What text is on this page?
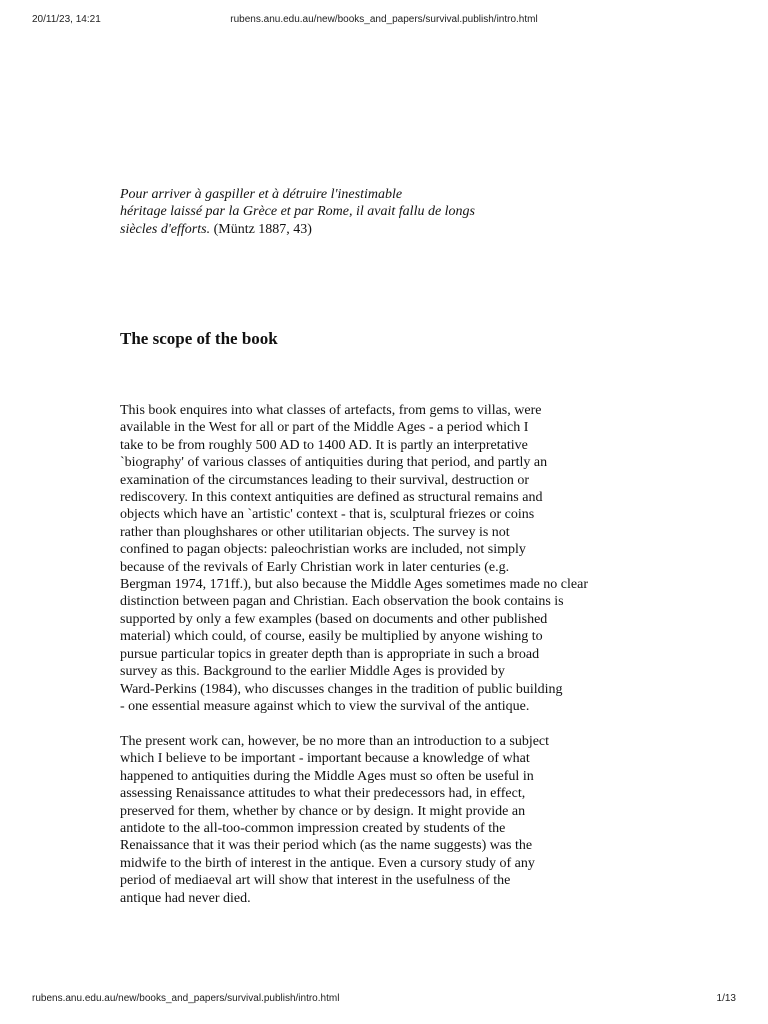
20/11/23, 14:21	rubens.anu.edu.au/new/books_and_papers/survival.publish/intro.html

Pour arriver à gaspiller et à détruire l'inestimable
héritage laissé par la Grèce et par Rome, il avait fallu de longs
siècles d'efforts. (Müntz 1887, 43)

The scope of the book

This book enquires into what classes of artefacts, from gems to villas, were
available in the West for all or part of the Middle Ages - a period which I
take to be from roughly 500 AD to 1400 AD. It is partly an interpretative
`biography' of various classes of antiquities during that period, and partly an
examination of the circumstances leading to their survival, destruction or
rediscovery. In this context antiquities are defined as structural remains and
objects which have an `artistic' context - that is, sculptural friezes or coins
rather than ploughshares or other utilitarian objects. The survey is not
confined to pagan objects: paleochristian works are included, not simply
because of the revivals of Early Christian work in later centuries (e.g.
Bergman 1974, 171ff.), but also because the Middle Ages sometimes made no clear
distinction between pagan and Christian. Each observation the book contains is
supported by only a few examples (based on documents and other published
material) which could, of course, easily be multiplied by anyone wishing to
pursue particular topics in greater depth than is appropriate in such a broad
survey as this. Background to the earlier Middle Ages is provided by
Ward-Perkins (1984), who discusses changes in the tradition of public building
- one essential measure against which to view the survival of the antique.

The present work can, however, be no more than an introduction to a subject
which I believe to be important - important because a knowledge of what
happened to antiquities during the Middle Ages must so often be useful in
assessing Renaissance attitudes to what their predecessors had, in effect,
preserved for them, whether by chance or by design. It might provide an
antidote to the all-too-common impression created by students of the
Renaissance that it was their period which (as the name suggests) was the
midwife to the birth of interest in the antique. Even a cursory study of any
period of mediaeval art will show that interest in the usefulness of the
antique had never died.

rubens.anu.edu.au/new/books_and_papers/survival.publish/intro.html	1/13
